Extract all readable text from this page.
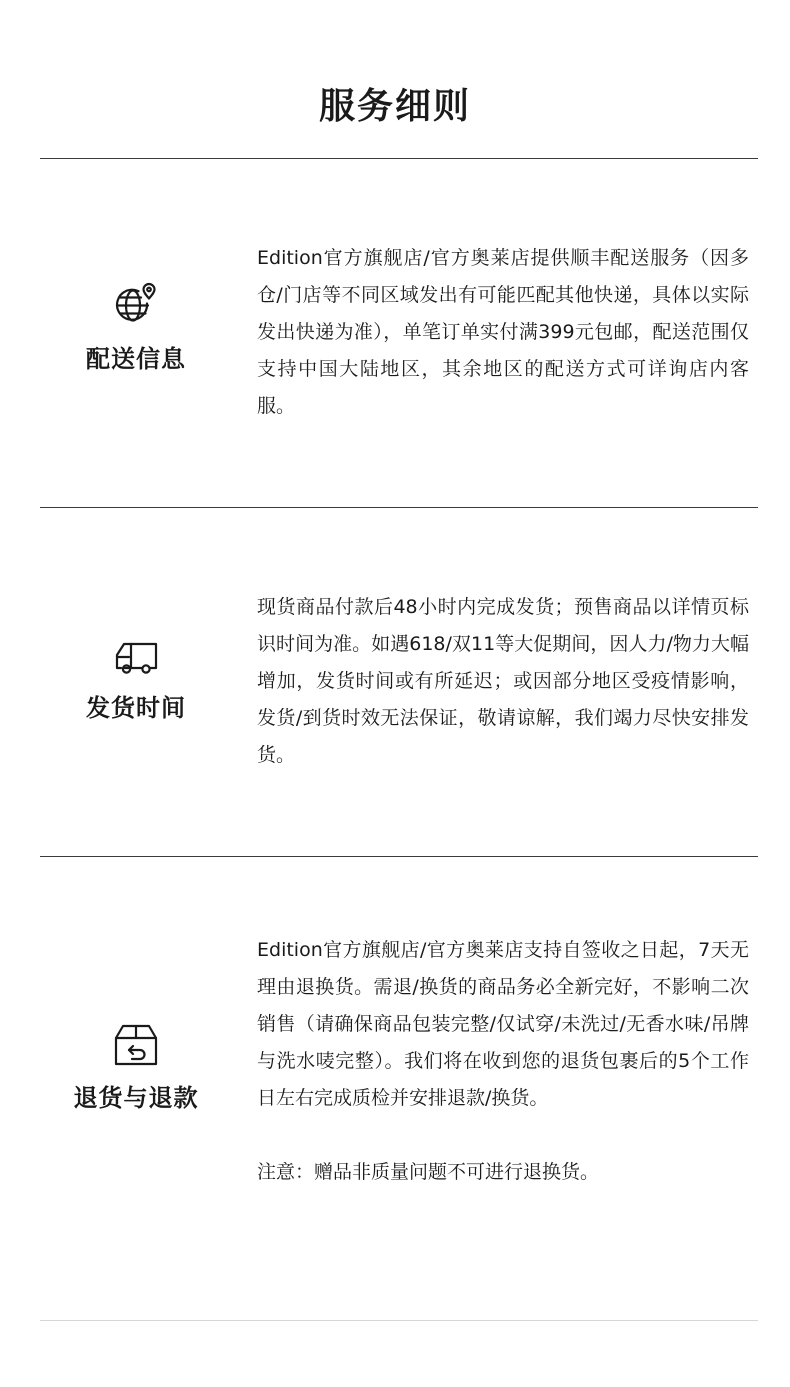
服务细则
配送信息
Edition官方旗舰店/官方奥莱店提供顺丰配送服务（因多仓/门店等不同区域发出有可能匹配其他快递，具体以实际发出快递为准），单笔订单实付满399元包邮，配送范围仅支持中国大陆地区，其余地区的配送方式可详询店内客服。
发货时间
现货商品付款后48小时内完成发货；预售商品以详情页标识时间为准。如遇618/双11等大促期间，因人力/物力大幅增加，发货时间或有所延迟；或因部分地区受疫情影响，发货/到货时效无法保证，敬请谅解，我们竭力尽快安排发货。
退货与退款
Edition官方旗舰店/官方奥莱店支持自签收之日起，7天无理由退换货。需退/换货的商品务必全新完好，不影响二次销售（请确保商品包装完整/仅试穿/未洗过/无香水味/吊牌与洗水唛完整）。我们将在收到您的退货包裹后的5个工作日左右完成质检并安排退款/换货。
注意：赠品非质量问题不可进行退换货。
